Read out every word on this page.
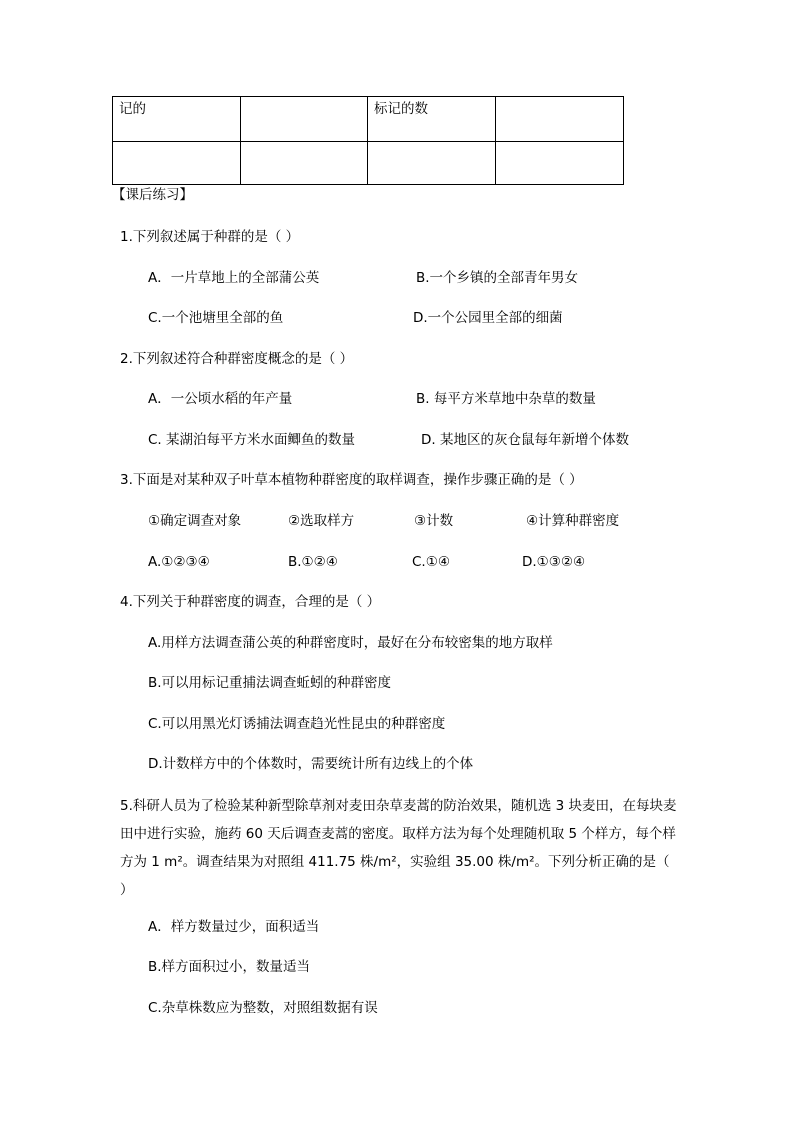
记的		标记的数	

【课后练习】
1.下列叙述属于种群的是（ ）
A．一片草地上的全部蒲公英	B.一个乡镇的全部青年男女
C.一个池塘里全部的鱼	D.一个公园里全部的细菌
2.下列叙述符合种群密度概念的是（ ）
A．一公顷水稻的年产量	B. 每平方米草地中杂草的数量
C. 某湖泊每平方米水面鲫鱼的数量	D. 某地区的灰仓鼠每年新增个体数
3.下面是对某种双子叶草本植物种群密度的取样调查，操作步骤正确的是（ ）
①确定调查对象	②选取样方	③计数	④计算种群密度
A.①②③④	B.①②④	C.①④	D.①③②④
4.下列关于种群密度的调查，合理的是（ ）
A.用样方法调查蒲公英的种群密度时，最好在分布较密集的地方取样
B.可以用标记重捕法调查蚯蚓的种群密度
C.可以用黑光灯诱捕法调查趋光性昆虫的种群密度
D.计数样方中的个体数时，需要统计所有边线上的个体
5.科研人员为了检验某种新型除草剂对麦田杂草麦蒿的防治效果，随机选 3 块麦田，在每块麦田中进行实验，施药 60 天后调查麦蒿的密度。取样方法为每个处理随机取 5 个样方，每个样方为 1 m²。调查结果为对照组 411.75 株/m²，实验组 35.00 株/m²。下列分析正确的是（ ）
A．样方数量过少，面积适当
B.样方面积过小，数量适当
C.杂草株数应为整数，对照组数据有误
